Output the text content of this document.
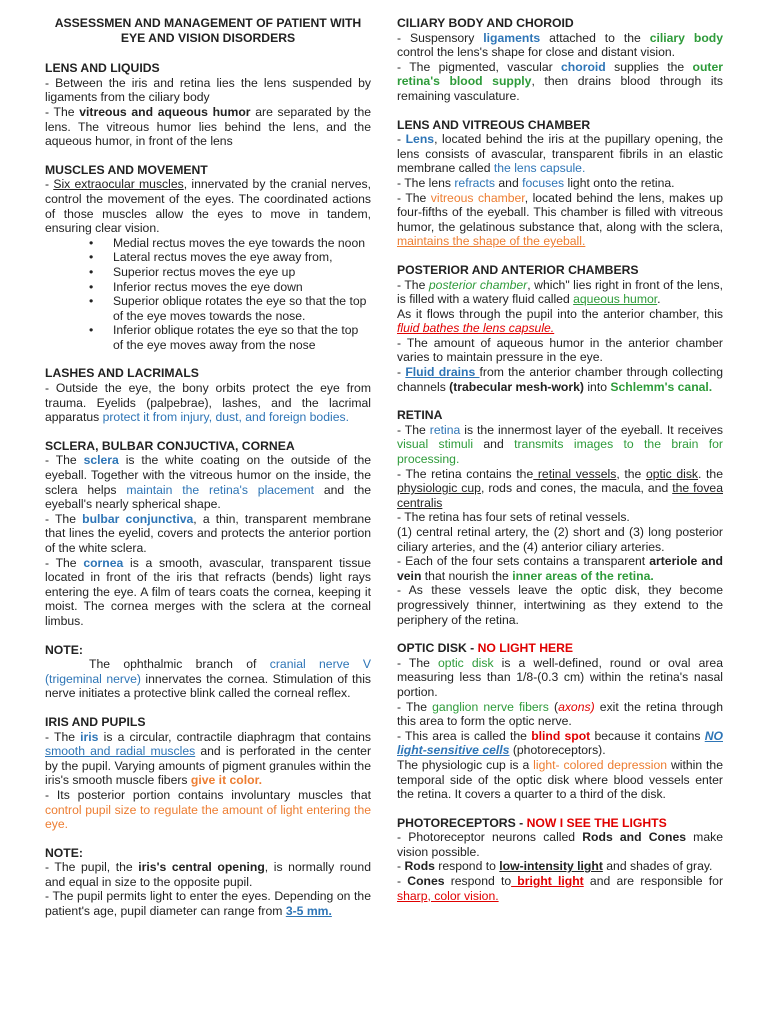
ASSESSMEN AND MANAGEMENT OF PATIENT WITH EYE AND VISION DISORDERS
LENS AND LIQUIDS

- Between the iris and retina lies the lens suspended by ligaments from the ciliary body

- The vitreous and aqueous humor are separated by the lens. The vitreous humor lies behind the lens, and the aqueous humor, in front of the lens

MUSCLES AND MOVEMENT

- Six extraocular muscles, innervated by the cranial nerves, control the movement of the eyes. The coordinated actions of those muscles allow the eyes to move in tandem, ensuring clear vision.

• Medial rectus moves the eye towards the noon
• Lateral rectus moves the eye away from,
• Superior rectus moves the eye up
• Inferior rectus moves the eye down
• Superior oblique rotates the eye so that the top of the eye moves towards the nose.
• Inferior oblique rotates the eye so that the top of the eye moves away from the nose
LASHES AND LACRIMALS

- Outside the eye, the bony orbits protect the eye from trauma. Eyelids (palpebrae), lashes, and the lacrimal apparatus protect it from injury, dust, and foreign bodies.

SCLERA, BULBAR CONJUCTIVA, CORNEA

- The sclera is the white coating on the outside of the eyeball. Together with the vitreous humor on the inside, the sclera helps maintain the retina's placement and the eyeball's nearly spherical shape.

- The bulbar conjunctiva, a thin, transparent membrane that lines the eyelid, covers and protects the anterior portion of the white sclera.

- The cornea is a smooth, avascular, transparent tissue located in front of the iris that refracts (bends) light rays entering the eye. A film of tears coats the cornea, keeping it moist. The cornea merges with the sclera at the corneal limbus.

NOTE:

The ophthalmic branch of cranial nerve V (trigeminal nerve) innervates the cornea. Stimulation of this nerve initiates a protective blink called the corneal reflex.

IRIS AND PUPILS

- The iris is a circular, contractile diaphragm that contains smooth and radial muscles and is perforated in the center by the pupil. Varying amounts of pigment granules within the iris's smooth muscle fibers give it color.

- Its posterior portion contains involuntary muscles that control pupil size to regulate the amount of light entering the eye.

NOTE:

- The pupil, the iris's central opening, is normally round and equal in size to the opposite pupil.

- The pupil permits light to enter the eyes. Depending on the patient's age, pupil diameter can range from 3-5 mm.

CILIARY BODY AND CHOROID

- Suspensory ligaments attached to the ciliary body control the lens's shape for close and distant vision.

- The pigmented, vascular choroid supplies the outer retina's blood supply, then drains blood through its remaining vasculature.

LENS AND VITREOUS CHAMBER

- Lens, located behind the iris at the pupillary opening, the lens consists of avascular, transparent fibrils in an elastic membrane called the lens capsule.

- The lens refracts and focuses light onto the retina.

- The vitreous chamber, located behind the lens, makes up four-fifths of the eyeball. This chamber is filled with vitreous humor, the gelatinous substance that, along with the sclera, maintains the shape of the eyeball.

POSTERIOR AND ANTERIOR CHAMBERS

- The posterior chamber, which" lies right in front of the lens, is filled with a watery fluid called aqueous humor.

As it flows through the pupil into the anterior chamber, this fluid bathes the lens capsule.

- The amount of aqueous humor in the anterior chamber varies to maintain pressure in the eye.

- Fluid drains from the anterior chamber through collecting channels (trabecular mesh-work) into Schlemm's canal.

RETINA

- The retina is the innermost layer of the eyeball. It receives visual stimuli and transmits images to the brain for processing.

- The retina contains the retinal vessels, the optic disk. the physiologic cup, rods and cones, the macula, and the fovea centralis

- The retina has four sets of retinal vessels.

(1) central retinal artery, the (2) short and (3) long posterior ciliary arteries, and the (4) anterior ciliary arteries.

- Each of the four sets contains a transparent arteriole and vein that nourish the inner areas of the retina.

- As these vessels leave the optic disk, they become progressively thinner, intertwining as they extend to the periphery of the retina.

OPTIC DISK - NO LIGHT HERE

- The optic disk is a well-defined, round or oval area measuring less than 1/8-(0.3 cm) within the retina's nasal portion.

- The ganglion nerve fibers (axons) exit the retina through this area to form the optic nerve.

- This area is called the blind spot because it contains NO light-sensitive cells (photoreceptors).

The physiologic cup is a light- colored depression within the temporal side of the optic disk where blood vessels enter the retina. It covers a quarter to a third of the disk.

PHOTORECEPTORS - NOW I SEE THE LIGHTS

- Photoreceptor neurons called Rods and Cones make vision possible.

- Rods respond to low-intensity light and shades of gray.

- Cones respond to bright light and are responsible for sharp, color vision.
